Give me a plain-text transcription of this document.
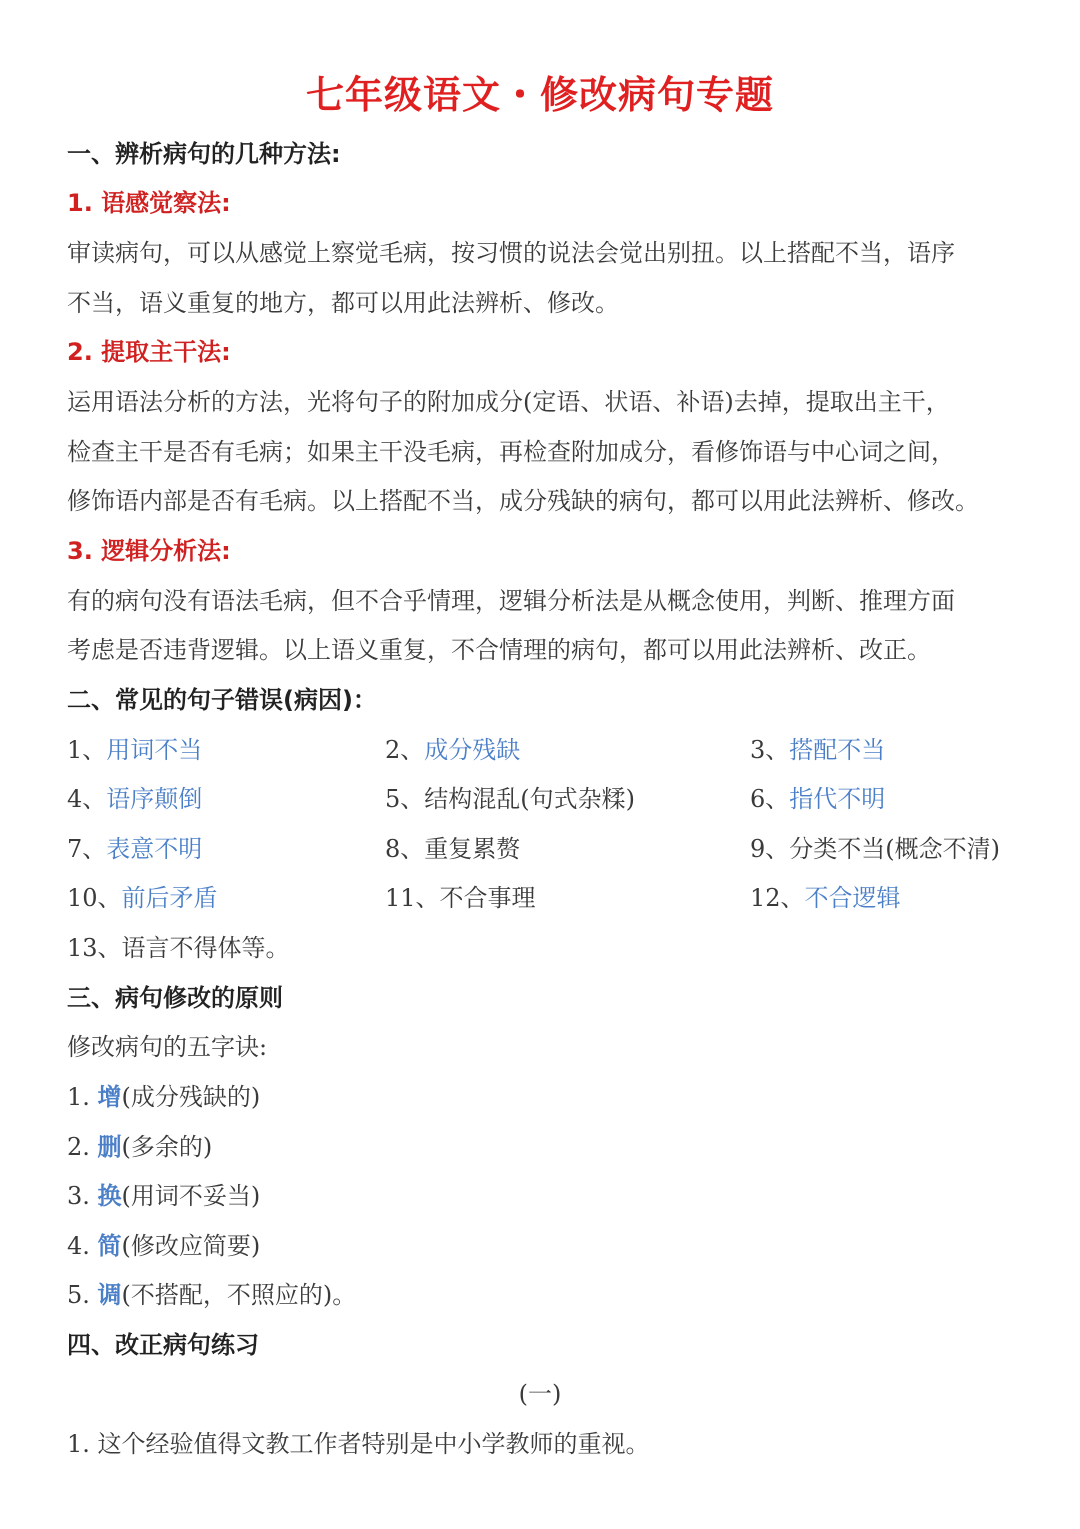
七年级语文・修改病句专题
一、辨析病句的几种方法:
1. 语感觉察法:
审读病句，可以从感觉上察觉毛病，按习惯的说法会觉出别扭。以上搭配不当，语序
不当，语义重复的地方，都可以用此法辨析、修改。
2. 提取主干法:
运用语法分析的方法，光将句子的附加成分(定语、状语、补语)去掉，提取出主干，
检查主干是否有毛病；如果主干没毛病，再检查附加成分，看修饰语与中心词之间，
修饰语内部是否有毛病。以上搭配不当，成分残缺的病句，都可以用此法辨析、修改。
3. 逻辑分析法:
有的病句没有语法毛病，但不合乎情理，逻辑分析法是从概念使用，判断、推理方面
考虑是否违背逻辑。以上语义重复，不合情理的病句，都可以用此法辨析、改正。
二、常见的句子错误(病因)：
1、用词不当	2、成分残缺	3、搭配不当
4、语序颠倒	5、结构混乱(句式杂糅)	6、指代不明
7、表意不明	8、重复累赘	9、分类不当(概念不清)
10、前后矛盾	11、不合事理	12、不合逻辑
13、语言不得体等。
三、病句修改的原则
修改病句的五字诀:
1. 增(成分残缺的)
2. 删(多余的)
3. 换(用词不妥当)
4. 简(修改应简要)
5. 调(不搭配，不照应的)。
四、改正病句练习
(一)
1. 这个经验值得文教工作者特别是中小学教师的重视。
